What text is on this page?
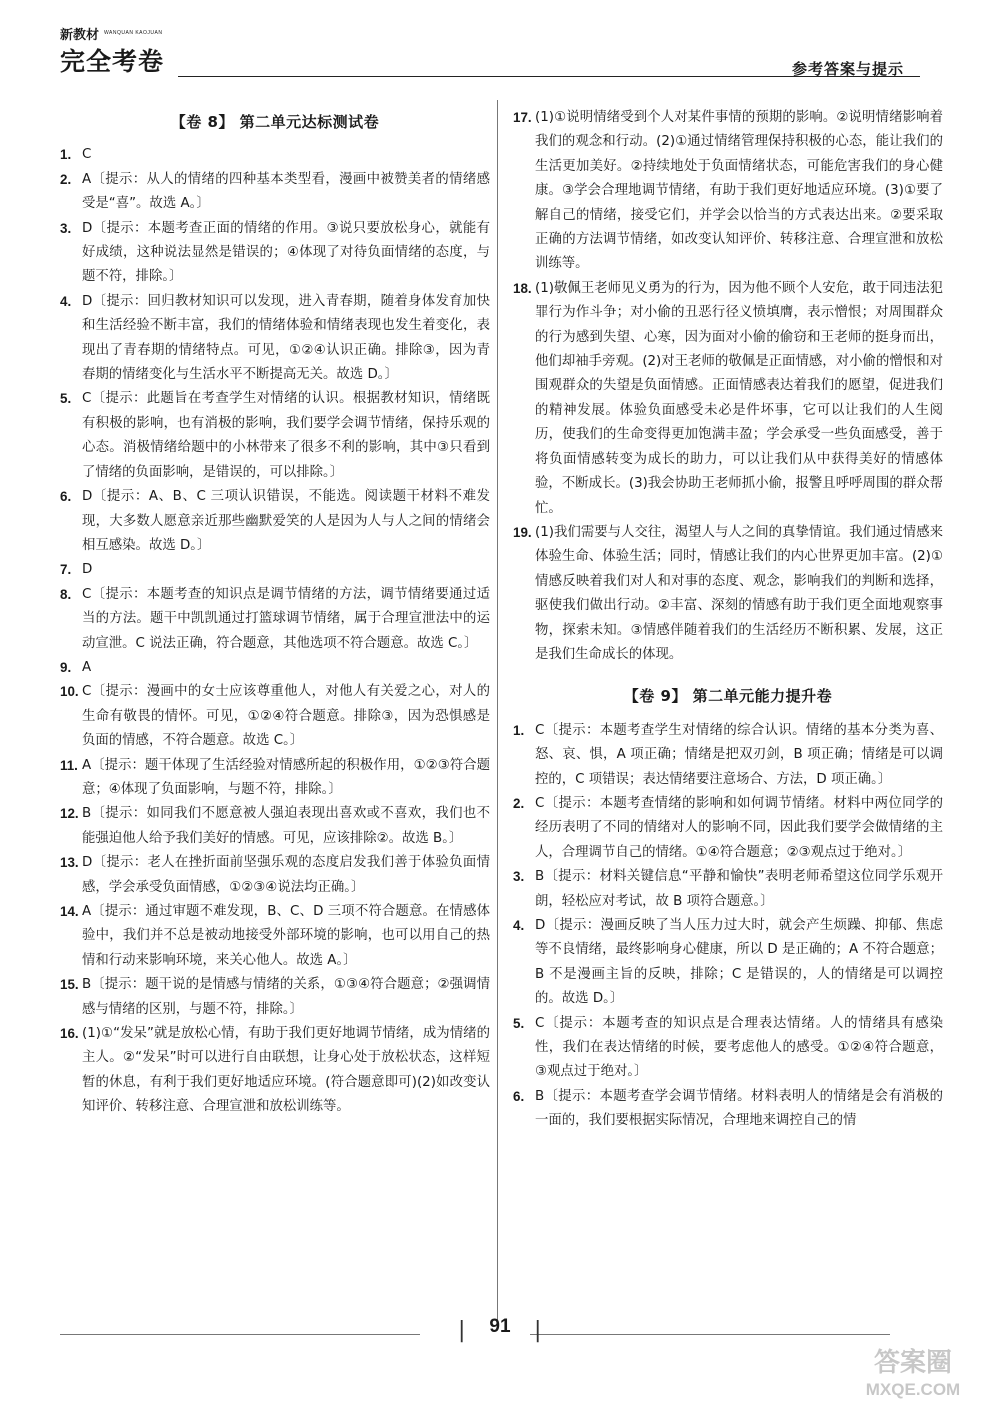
新教材 WANQUAN KAOJUAN
完全考卷	参考答案与提示
【卷 8】 第二单元达标测试卷

1. C

2. A〔提示：从人的情绪的四种基本类型看，漫画中被赞美者的情绪感受是“喜”。故选 A。〕

3. D〔提示：本题考查正面的情绪的作用。③说只要放松身心，就能有好成绩，这种说法显然是错误的；④体现了对待负面情绪的态度，与题不符，排除。〕

4. D〔提示：回归教材知识可以发现，进入青春期，随着身体发育加快和生活经验不断丰富，我们的情绪体验和情绪表现也发生着变化，表现出了青春期的情绪特点。可见，①②④认识正确。排除③，因为青春期的情绪变化与生活水平不断提高无关。故选 D。〕

5. C〔提示：此题旨在考查学生对情绪的认识。根据教材知识，情绪既有积极的影响，也有消极的影响，我们要学会调节情绪，保持乐观的心态。消极情绪给题中的小林带来了很多不利的影响，其中③只看到了情绪的负面影响，是错误的，可以排除。〕

6. D〔提示：A、B、C 三项认识错误，不能选。阅读题干材料不难发现，大多数人愿意亲近那些幽默爱笑的人是因为人与人之间的情绪会相互感染。故选 D。〕

7. D

8. C〔提示：本题考查的知识点是调节情绪的方法，调节情绪要通过适当的方法。题干中凯凯通过打篮球调节情绪，属于合理宣泄法中的运动宣泄。C 说法正确，符合题意，其他选项不符合题意。故选 C。〕

9. A

10. C〔提示：漫画中的女士应该尊重他人，对他人有关爱之心，对人的生命有敬畏的情怀。可见，①②④符合题意。排除③，因为恐惧感是负面的情感，不符合题意。故选 C。〕

11. A〔提示：题干体现了生活经验对情感所起的积极作用，①②③符合题意；④体现了负面影响，与题不符，排除。〕

12. B〔提示：如同我们不愿意被人强迫表现出喜欢或不喜欢，我们也不能强迫他人给予我们美好的情感。可见，应该排除②。故选 B。〕

13. D〔提示：老人在挫折面前坚强乐观的态度启发我们善于体验负面情感，学会承受负面情感，①②③④说法均正确。〕

14. A〔提示：通过审题不难发现，B、C、D 三项不符合题意。在情感体验中，我们并不总是被动地接受外部环境的影响，也可以用自己的热情和行动来影响环境，来关心他人。故选 A。〕

15. B〔提示：题干说的是情感与情绪的关系，①③④符合题意；②强调情感与情绪的区别，与题不符，排除。〕

16. (1)①“发呆”就是放松心情，有助于我们更好地调节情绪，成为情绪的主人。②“发呆”时可以进行自由联想，让身心处于放松状态，这样短暂的休息，有利于我们更好地适应环境。(符合题意即可)(2)如改变认知评价、转移注意、合理宣泄和放松训练等。

17. (1)①说明情绪受到个人对某件事情的预期的影响。②说明情绪影响着我们的观念和行动。(2)①通过情绪管理保持积极的心态，能让我们的生活更加美好。②持续地处于负面情绪状态，可能危害我们的身心健康。③学会合理地调节情绪，有助于我们更好地适应环境。(3)①要了解自己的情绪，接受它们，并学会以恰当的方式表达出来。②要采取正确的方法调节情绪，如改变认知评价、转移注意、合理宣泄和放松训练等。

18. (1)敬佩王老师见义勇为的行为，因为他不顾个人安危，敢于同违法犯罪行为作斗争；对小偷的丑恶行径义愤填膺，表示憎恨；对周围群众的行为感到失望、心寒，因为面对小偷的偷窃和王老师的挺身而出，他们却袖手旁观。(2)对王老师的敬佩是正面情感，对小偷的憎恨和对围观群众的失望是负面情感。正面情感表达着我们的愿望，促进我们的精神发展。体验负面感受未必是件坏事，它可以让我们的人生阅历，使我们的生命变得更加饱满丰盈；学会承受一些负面感受，善于将负面情感转变为成长的助力，可以让我们从中获得美好的情感体验，不断成长。(3)我会协助王老师抓小偷，报警且呼呼周围的群众帮忙。

19. (1)我们需要与人交往，渴望人与人之间的真挚情谊。我们通过情感来体验生命、体验生活；同时，情感让我们的内心世界更加丰富。(2)①情感反映着我们对人和对事的态度、观念，影响我们的判断和选择，驱使我们做出行动。②丰富、深刻的情感有助于我们更全面地观察事物，探索未知。③情感伴随着我们的生活经历不断积累、发展，这正是我们生命成长的体现。

【卷 9】 第二单元能力提升卷

1. C〔提示：本题考查学生对情绪的综合认识。情绪的基本分类为喜、怒、哀、惧，A 项正确；情绪是把双刃剑，B 项正确；情绪是可以调控的，C 项错误；表达情绪要注意场合、方法，D 项正确。〕

2. C〔提示：本题考查情绪的影响和如何调节情绪。材料中两位同学的经历表明了不同的情绪对人的影响不同，因此我们要学会做情绪的主人，合理调节自己的情绪。①④符合题意；②③观点过于绝对。〕

3. B〔提示：材料关键信息“平静和愉快”表明老师希望这位同学乐观开朗，轻松应对考试，故 B 项符合题意。〕

4. D〔提示：漫画反映了当人压力过大时，就会产生烦躁、抑郁、焦虑等不良情绪，最终影响身心健康，所以 D 是正确的；A 不符合题意；B 不是漫画主旨的反映，排除；C 是错误的，人的情绪是可以调控的。故选 D。〕

5. C〔提示：本题考查的知识点是合理表达情绪。人的情绪具有感染性，我们在表达情绪的时候，要考虑他人的感受。①②④符合题意，③观点过于绝对。〕

6. B〔提示：本题考查学会调节情绪。材料表明人的情绪是会有消极的一面的，我们要根据实际情况，合理地来调控自己的情

|	91	|
答案圈
MXQE.COM
